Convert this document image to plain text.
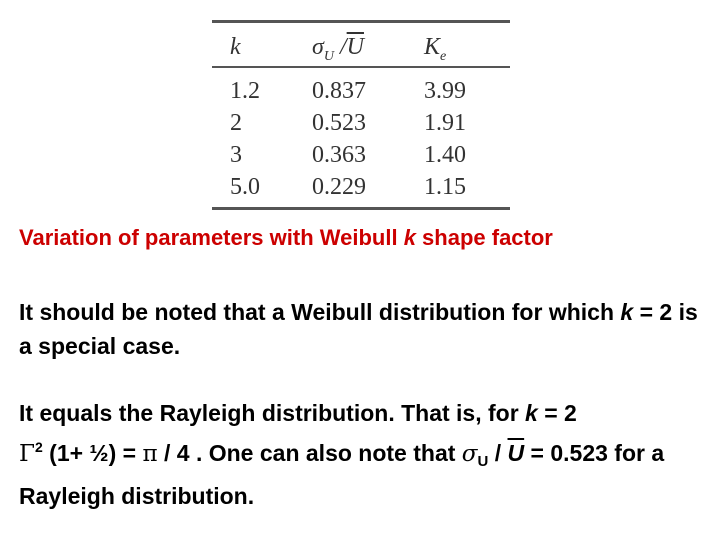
k	$\sigma_U$ $/\overline{U}$	$K_e$
1.2 0.837 3.99
2	0.523 1.91
3	0.363 1.40
5.0 0.229 1.15
Variation of parameters with Weibull k shape factor
It should be noted that a Weibull distribution for which k = 2 is a special case.
It equals the Rayleigh distribution. That is, for k = 2
$\Gamma^2$ (1+ ½) = π / 4 . One can also note that $\sigma_U / \overline{U} = 0.523$ for a Rayleigh distribution.
